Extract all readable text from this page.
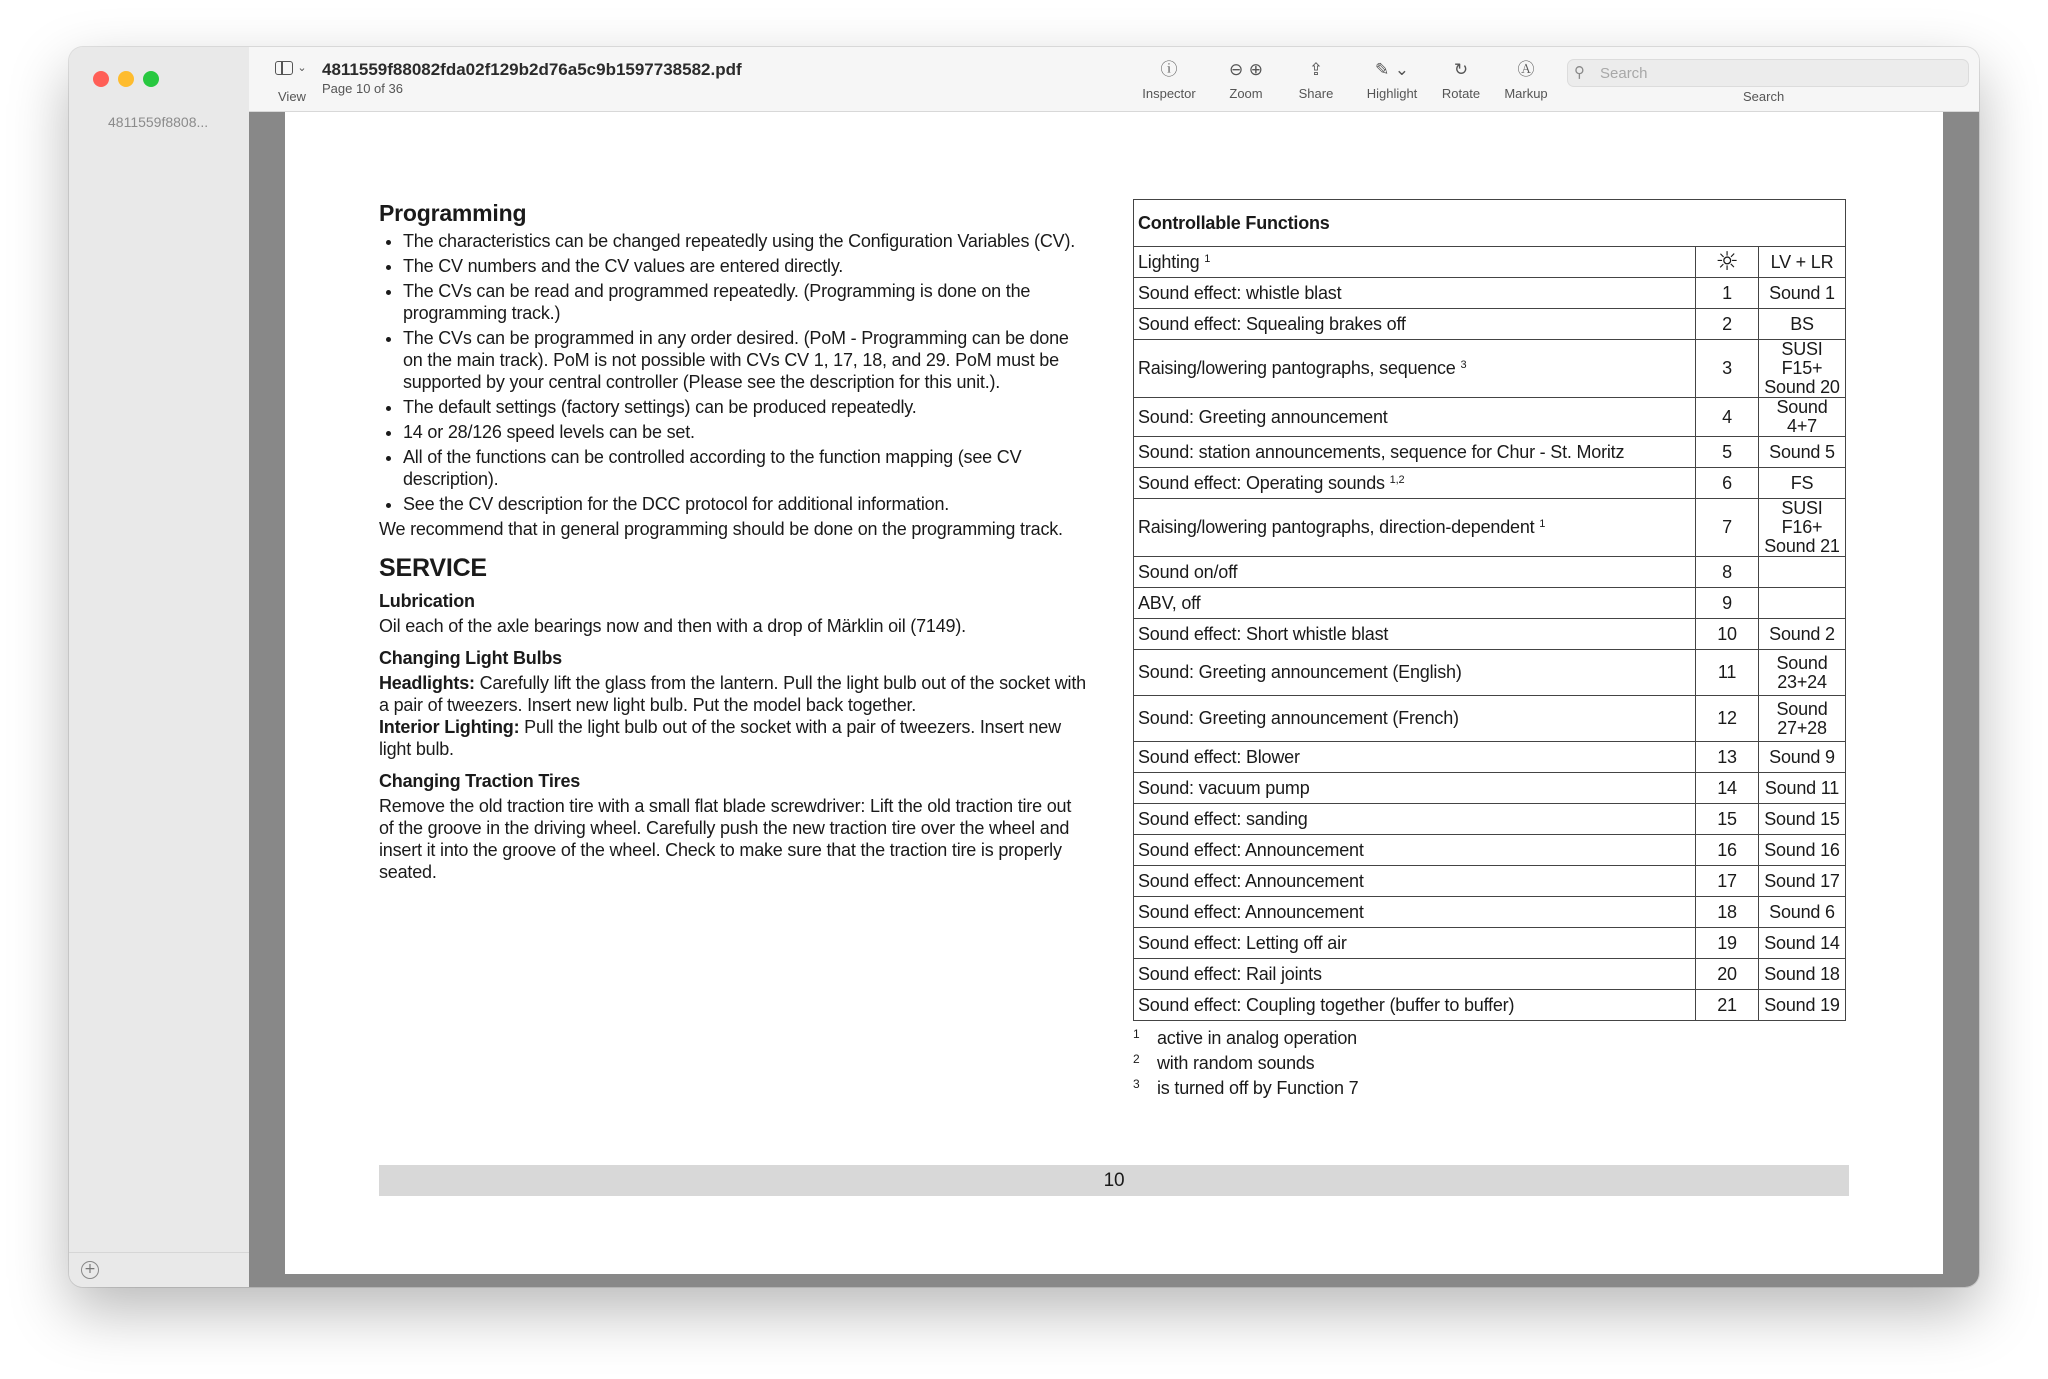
4811559f8808...
+
⌄
View
4811559f88082fda02f129b2d76a5c9b1597738582.pdf
Page 10 of 36
ⓘ
Inspector
⊖ ⊕
Zoom
⇪
Share
✎ ⌄
Highlight
↻
Rotate
Ⓐ
Markup
⚲ Search
Search
Programming
• The characteristics can be changed repeatedly using the Configuration Variables (CV).
• The CV numbers and the CV values are entered directly.
• The CVs can be read and programmed repeatedly. (Programming is done on the programming track.)
• The CVs can be programmed in any order desired. (PoM - Programming can be done on the main track). PoM is not possible with CVs CV 1, 17, 18, and 29. PoM must be supported by your central controller (Please see the description for this unit.).
• The default settings (factory settings) can be produced repeatedly.
• 14 or 28/126 speed levels can be set.
• All of the functions can be controlled according to the function mapping (see CV description).
• See the CV description for the DCC protocol for additional information.

We recommend that in general programming should be done on the programming track.

SERVICE
Lubrication

Oil each of the axle bearings now and then with a drop of Märklin oil (7149).

Changing Light Bulbs

Headlights: Carefully lift the glass from the lantern. Pull the light bulb out of the socket with a pair of tweezers. Insert new light bulb. Put the model back together.

Interior Lighting: Pull the light bulb out of the socket with a pair of tweezers. Insert new light bulb.

Changing Traction Tires

Remove the old traction tire with a small flat blade screwdriver: Lift the old traction tire out of the groove in the driving wheel. Carefully push the new traction tire over the wheel and insert it into the groove of the wheel. Check to make sure that the traction tire is properly seated.

Controllable Functions		
Lighting $^1$	☼	LV + LR
Sound effect: whistle blast	1	Sound 1
Sound effect: Squealing brakes off	2	BS
Raising/lowering pantographs, sequence $^3$	3	SUSI F15+ Sound 20
Sound: Greeting announcement	4	Sound 4+7
Sound: station announcements, sequence for Chur - St. Moritz	5	Sound 5
Sound effect: Operating sounds $^{1,2}$	6	FS
Raising/lowering pantographs, direction-dependent $^1$	7	SUSI F16+ Sound 21
Sound on/off	8	
ABV, off	9	
Sound effect: Short whistle blast	10	Sound 2
Sound: Greeting announcement (English)	11	Sound 23+24
Sound: Greeting announcement (French)	12	Sound 27+28
Sound effect: Blower	13	Sound 9
Sound: vacuum pump	14	Sound 11
Sound effect: sanding	15	Sound 15
Sound effect: Announcement	16	Sound 16
Sound effect: Announcement	17	Sound 17
Sound effect: Announcement	18	Sound 6
Sound effect: Letting off air	19	Sound 14
Sound effect: Rail joints	20	Sound 18
Sound effect: Coupling together (buffer to buffer)	21	Sound 19
1 active in analog operation
2 with random sounds
3 is turned off by Function 7
10
